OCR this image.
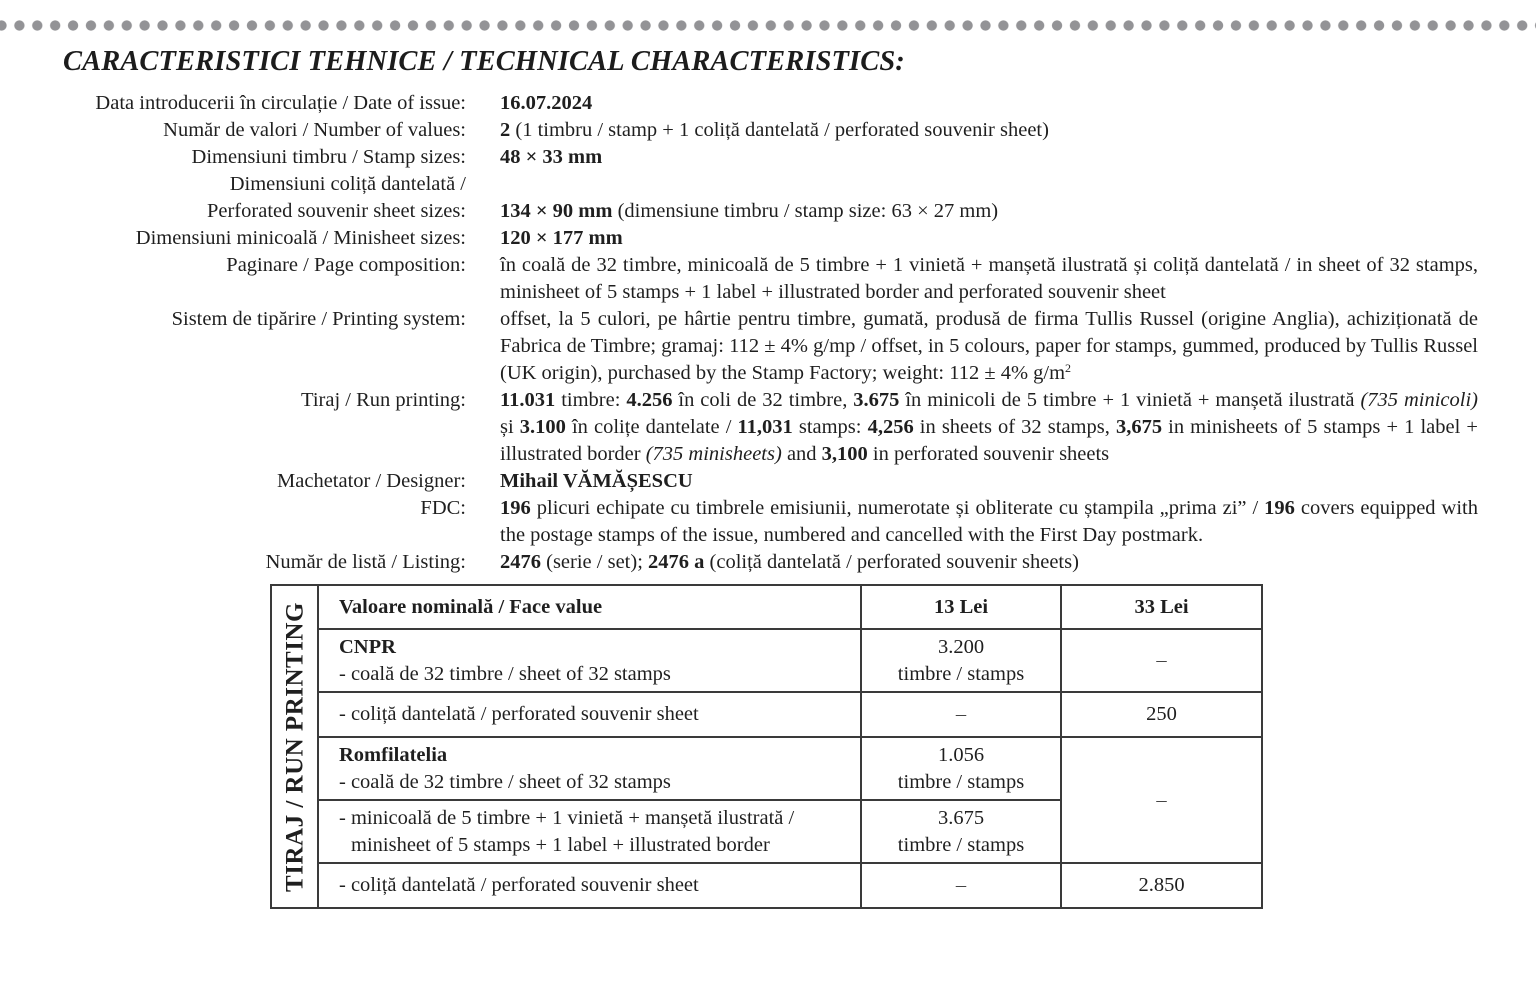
CARACTERISTICI TEHNICE / TECHNICAL CHARACTERISTICS:
Data introducerii în circulație / Date of issue: 16.07.2024
Număr de valori / Number of values: 2 (1 timbru / stamp + 1 coliță dantelată / perforated souvenir sheet)
Dimensiuni timbru / Stamp sizes: 48 × 33 mm
Dimensiuni coliță dantelată /
Perforated souvenir sheet sizes: 134 × 90 mm (dimensiune timbru / stamp size: 63 × 27 mm)
Dimensiuni minicoală / Minisheet sizes: 120 × 177 mm
Paginare / Page composition: în coală de 32 timbre, minicoală de 5 timbre + 1 vinietă + manșetă ilustrată și coliță dantelată / in sheet of 32 stamps, minisheet of 5 stamps + 1 label + illustrated border and perforated souvenir sheet
Sistem de tipărire / Printing system: offset, la 5 culori, pe hârtie pentru timbre, gumată, produsă de firma Tullis Russel (origine Anglia), achiziționată de Fabrica de Timbre; gramaj: 112 ± 4% g/mp / offset, in 5 colours, paper for stamps, gummed, produced by Tullis Russel (UK origin), purchased by the Stamp Factory; weight: 112 ± 4% $g/m^2$
Tiraj / Run printing: 11.031 timbre: 4.256 în coli de 32 timbre, 3.675 în minicoli de 5 timbre + 1 vinietă + manșetă ilustrată (735 minicoli) și 3.100 în colițe dantelate / 11,031 stamps: 4,256 in sheets of 32 stamps, 3,675 in minisheets of 5 stamps + 1 label + illustrated border (735 minisheets) and 3,100 in perforated souvenir sheets
Machetator / Designer: Mihail VĂMĂȘESCU
FDC: 196 plicuri echipate cu timbrele emisiunii, numerotate și obliterate cu ștampila „prima zi” / 196 covers equipped with the postage stamps of the issue, numbered and cancelled with the First Day postmark.
Număr de listă / Listing: 2476 (serie / set); 2476 a (coliță dantelată / perforated souvenir sheets)
TIRAJ / RUN PRINTING	Valoare nominală / Face value	13 Lei	33 Lei
	CNPR
- coală de 32 timbre / sheet of 32 stamps	3.200
timbre / stamps	–
	- coliță dantelată / perforated souvenir sheet	–	250
	Romfilatelia
- coală de 32 timbre / sheet of 32 stamps	1.056
timbre / stamps	–
	- minicoală de 5 timbre + 1 vinietă + manșetă ilustrată /
minisheet of 5 stamps + 1 label + illustrated border	3.675
timbre / stamps	
	- coliță dantelată / perforated souvenir sheet	–	2.850
